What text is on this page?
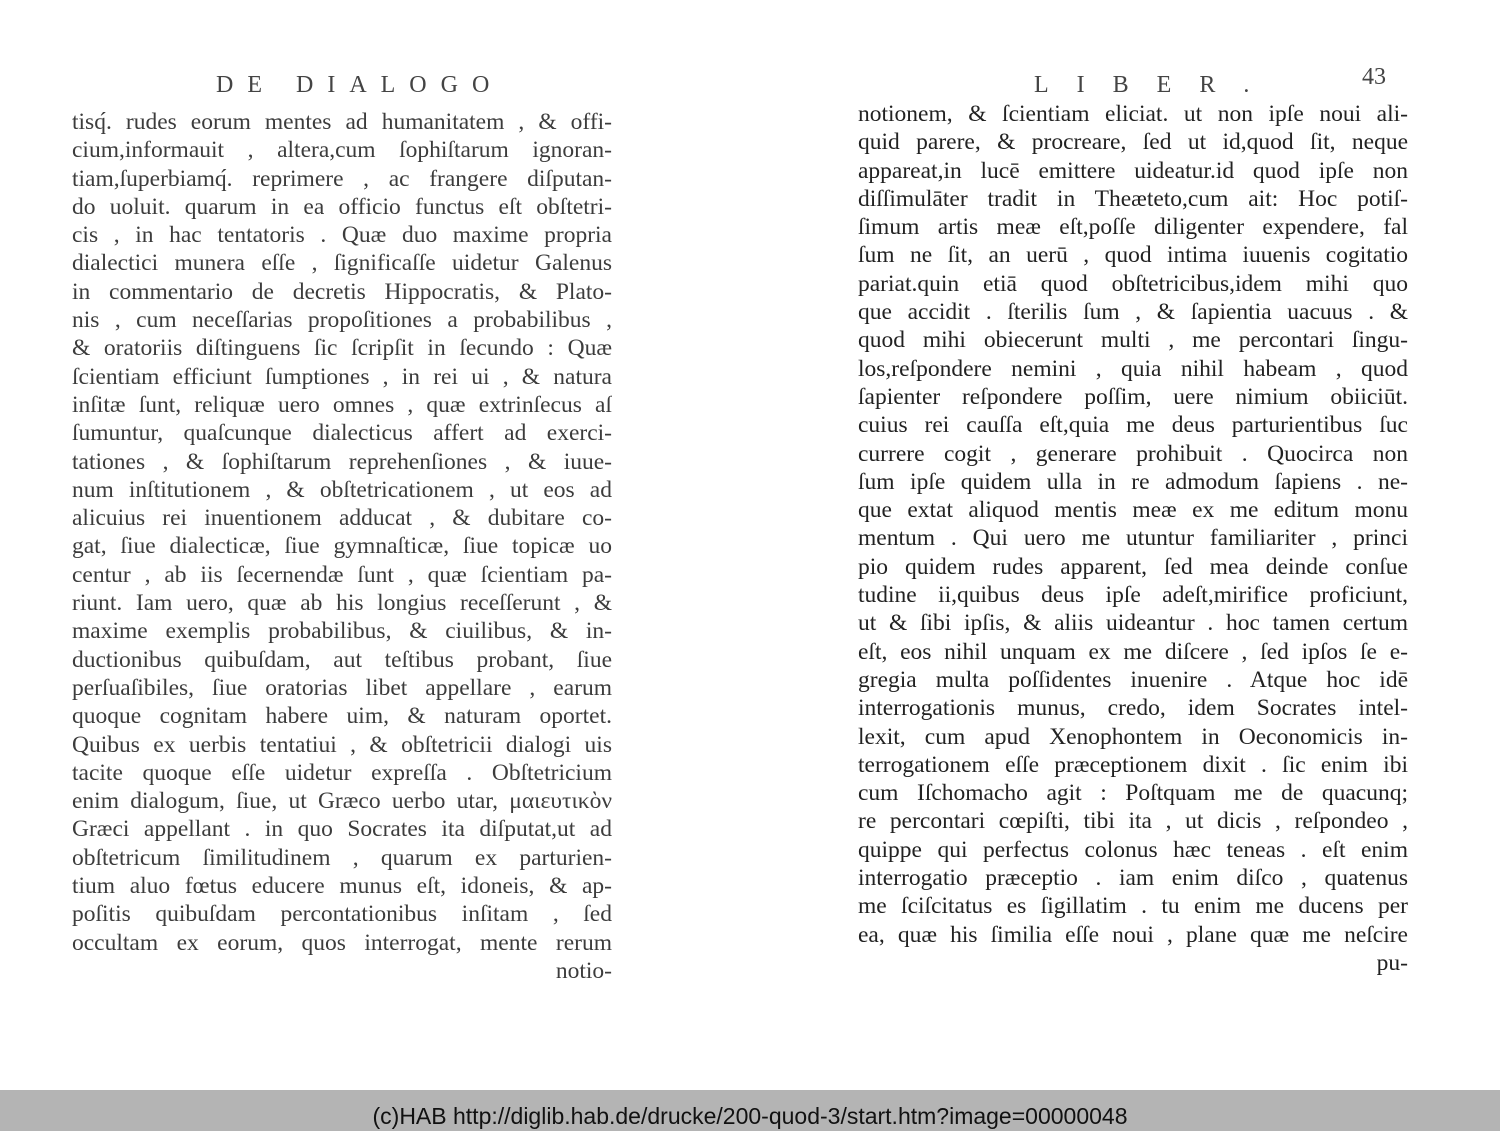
DE DIALOGO
tisq́. rudes eorum mentes ad humanitatem , & offi-
cium,informauit , altera,cum ſophiſtarum ignoran-
tiam,ſuperbiamq́. reprimere , ac frangere diſputan-
do uoluit. quarum in ea officio functus eſt obſtetri-
cis , in hac tentatoris . Quæ duo maxime propria
dialectici munera eſſe , ſignificaſſe uidetur Galenus
in commentario de decretis Hippocratis, & Plato-
nis , cum neceſſarias propoſitiones a probabilibus ,
& oratoriis diſtinguens ſic ſcripſit in ſecundo : Quæ
ſcientiam efficiunt ſumptiones , in rei ui , & natura
inſitæ ſunt, reliquæ uero omnes , quæ extrinſecus aſ
ſumuntur, quaſcunque dialecticus affert ad exerci-
tationes , & ſophiſtarum reprehenſiones , & iuue-
num inſtitutionem , & obſtetricationem , ut eos ad
alicuius rei inuentionem adducat , & dubitare co-
gat, ſiue dialecticæ, ſiue gymnaſticæ, ſiue topicæ uo
centur , ab iis ſecernendæ ſunt , quæ ſcientiam pa-
riunt. Iam uero, quæ ab his longius receſſerunt , &
maxime exemplis probabilibus, & ciuilibus, & in-
ductionibus quibuſdam, aut teſtibus probant, ſiue
perſuaſibiles, ſiue oratorias libet appellare , earum
quoque cognitam habere uim, & naturam oportet.
Quibus ex uerbis tentatiui , & obſtetricii dialogi uis
tacite quoque eſſe uidetur expreſſa . Obſtetricium
enim dialogum, ſiue, ut Græco uerbo utar, μαιευτικὸν
Græci appellant . in quo Socrates ita diſputat,ut ad
obſtetricum ſimilitudinem , quarum ex parturien-
tium aluo fœtus educere munus eſt, idoneis, & ap-
poſitis quibuſdam percontationibus inſitam , ſed
occultam ex eorum, quos interrogat, mente rerum
notio-
LIBER.	43
notionem, & ſcientiam eliciat. ut non ipſe noui ali-
quid parere, & procreare, ſed ut id,quod ſit, neque
appareat,in lucē emittere uideatur.id quod ipſe non
diſſimulāter tradit in Theæteto,cum ait: Hoc potiſ-
ſimum artis meæ eſt,poſſe diligenter expendere, fal
ſum ne ſit, an uerū , quod intima iuuenis cogitatio
pariat.quin etiā quod obſtetricibus,idem mihi quo
que accidit . ſterilis ſum , & ſapientia uacuus . &
quod mihi obiecerunt multi , me percontari ſingu-
los,reſpondere nemini , quia nihil habeam , quod
ſapienter reſpondere poſſim, uere nimium obiiciūt.
cuius rei cauſſa eſt,quia me deus parturientibus ſuc
currere cogit , generare prohibuit . Quocirca non
ſum ipſe quidem ulla in re admodum ſapiens . ne-
que extat aliquod mentis meæ ex me editum monu
mentum . Qui uero me utuntur familiariter , princi
pio quidem rudes apparent, ſed mea deinde conſue
tudine ii,quibus deus ipſe adeſt,mirifice proficiunt,
ut & ſibi ipſis, & aliis uideantur . hoc tamen certum
eſt, eos nihil unquam ex me diſcere , ſed ipſos ſe e-
gregia multa poſſidentes inuenire . Atque hoc idē
interrogationis munus, credo, idem Socrates intel-
lexit, cum apud Xenophontem in Oeconomicis in-
terrogationem eſſe præceptionem dixit . ſic enim ibi
cum Iſchomacho agit : Poſtquam me de quacunq;
re percontari cœpiſti, tibi ita , ut dicis , reſpondeo ,
quippe qui perfectus colonus hæc teneas . eſt enim
interrogatio præceptio . iam enim diſco , quatenus
me ſciſcitatus es ſigillatim . tu enim me ducens per
ea, quæ his ſimilia eſſe noui , plane quæ me neſcire
pu-
(c)HAB http://diglib.hab.de/drucke/200-quod-3/start.htm?image=00000048
